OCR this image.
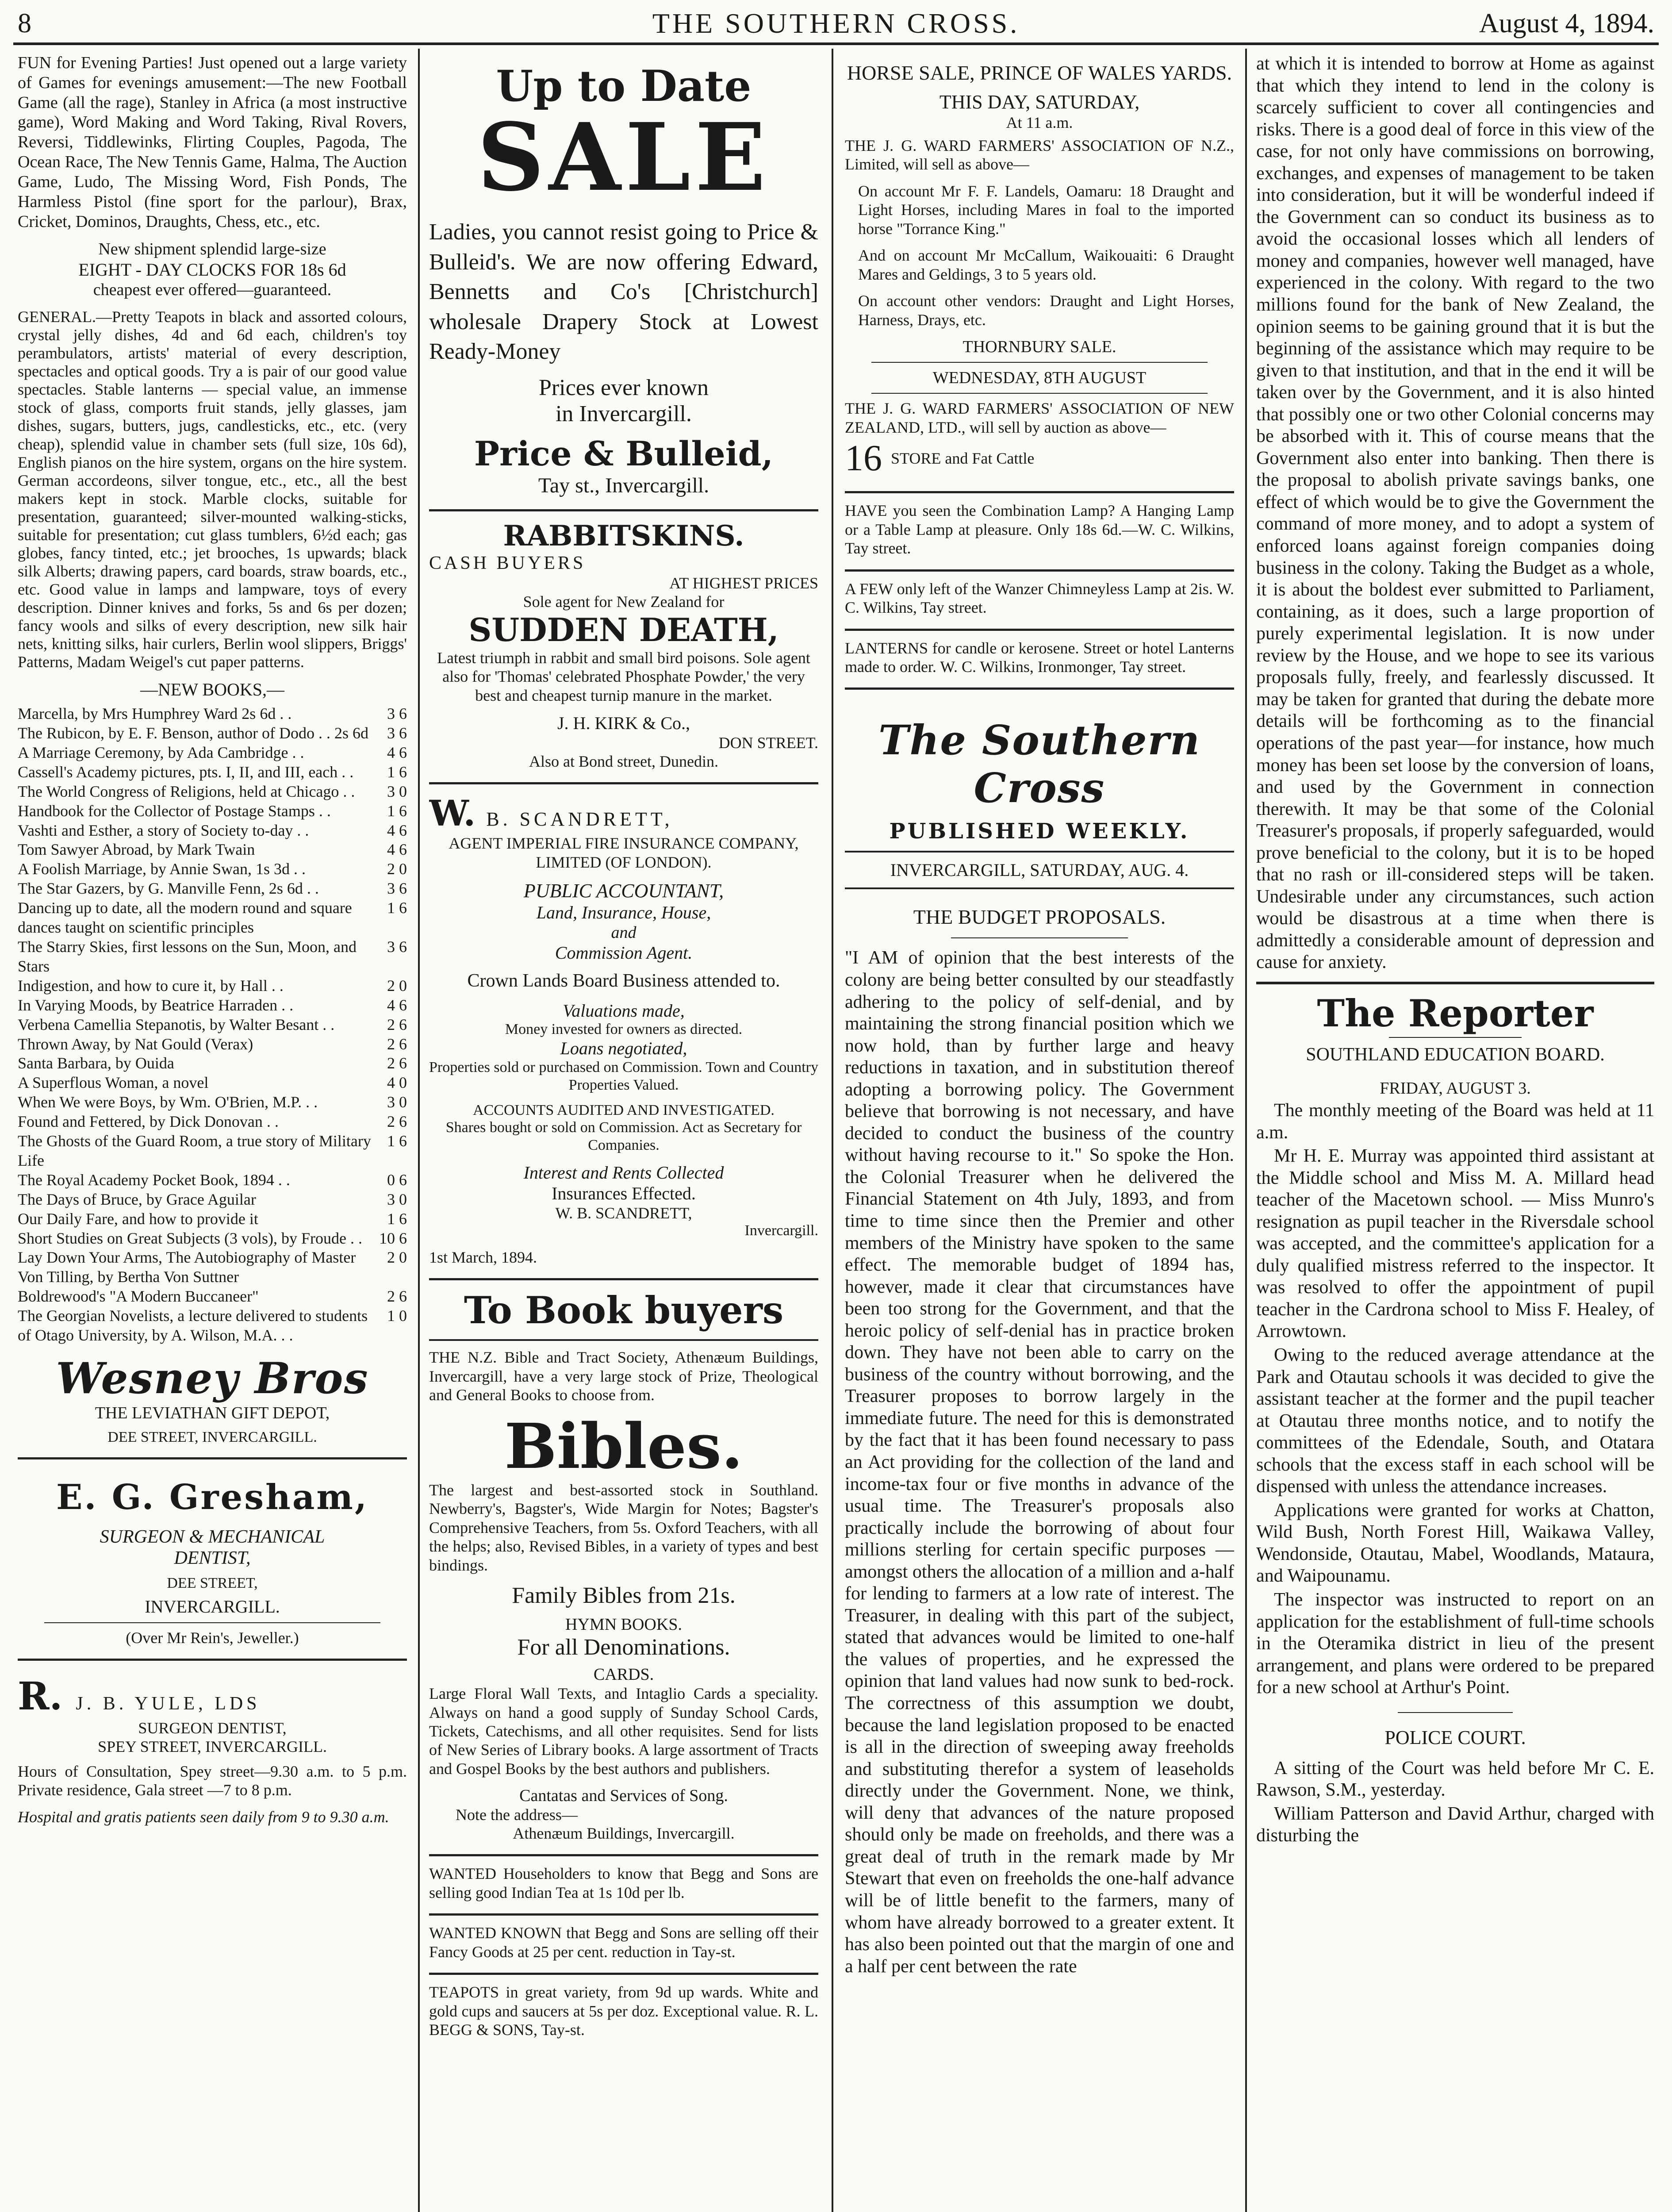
8	THE SOUTHERN CROSS.	August 4, 1894.

FUN for Evening Parties! Just opened out a large variety of Games for evenings amusement:—The new Football Game (all the rage), Stanley in Africa (a most instructive game), Word Making and Word Taking, Rival Rovers, Reversi, Tiddlewinks, Flirting Couples, Pagoda, The Ocean Race, The New Tennis Game, Halma, The Auction Game, Ludo, The Missing Word, Fish Ponds, The Harmless Pistol (fine sport for the parlour), Brax, Cricket, Dominos, Draughts, Chess, etc., etc.

New shipment splendid large-size

EIGHT - DAY CLOCKS FOR 18s 6d

cheapest ever offered—guaranteed.

GENERAL.—Pretty Teapots in black and assorted colours, crystal jelly dishes, 4d and 6d each, children's toy perambulators, artists' material of every description, spectacles and optical goods. Try a is pair of our good value spectacles. Stable lanterns — special value, an immense stock of glass, comports fruit stands, jelly glasses, jam dishes, sugars, butters, jugs, candlesticks, etc., etc. (very cheap), splendid value in chamber sets (full size, 10s 6d), English pianos on the hire system, organs on the hire system. German accordeons, silver tongue, etc., etc., all the best makers kept in stock. Marble clocks, suitable for presentation, guaranteed; silver-mounted walking-sticks, suitable for presentation; cut glass tumblers, 6½d each; gas globes, fancy tinted, etc.; jet brooches, 1s upwards; black silk Alberts; drawing papers, card boards, straw boards, etc., etc. Good value in lamps and lampware, toys of every description. Dinner knives and forks, 5s and 6s per dozen; fancy wools and silks of every description, new silk hair nets, knitting silks, hair curlers, Berlin wool slippers, Briggs' Patterns, Madam Weigel's cut paper patterns.

—NEW BOOKS,—

Marcella, by Mrs Humphrey Ward 2s 6d . .	3 6
The Rubicon, by E. F. Benson, author of Dodo . . 2s 6d	3 6
A Marriage Ceremony, by Ada Cambridge . .	4 6
Cassell's Academy pictures, pts. I, II, and III, each . .	1 6
The World Congress of Religions, held at Chicago . .	3 0
Handbook for the Collector of Postage Stamps . .	1 6
Vashti and Esther, a story of Society to-day . .	4 6
Tom Sawyer Abroad, by Mark Twain	4 6
A Foolish Marriage, by Annie Swan, 1s 3d . .	2 0
The Star Gazers, by G. Manville Fenn, 2s 6d . .	3 6
Dancing up to date, all the modern round and square dances taught on scientific principles
1 6
The Starry Skies, first lessons on the Sun, Moon, and Stars
3 6
Indigestion, and how to cure it, by Hall . .	2 0
In Varying Moods, by Beatrice Harraden . .	4 6
Verbena Camellia Stepanotis, by Walter Besant . .	2 6
Thrown Away, by Nat Gould (Verax)	2 6
Santa Barbara, by Ouida	2 6
A Superflous Woman, a novel	4 0
When We were Boys, by Wm. O'Brien, M.P. . .	3 0
Found and Fettered, by Dick Donovan . .	2 6
The Ghosts of the Guard Room, a true story of Military Life
1 6
The Royal Academy Pocket Book, 1894 . .	0 6
The Days of Bruce, by Grace Aguilar	3 0
Our Daily Fare, and how to provide it	1 6
Short Studies on Great Subjects (3 vols), by Froude . .	10 6
Lay Down Your Arms, The Autobiography of Master Von Tilling, by Bertha Von Suttner
2 0
Boldrewood's "A Modern Buccaneer"	2 6
The Georgian Novelists, a lecture delivered to students of Otago University, by A. Wilson, M.A. . .
1 0
Wesney Bros
THE LEVIATHAN GIFT DEPOT,
DEE STREET, INVERCARGILL.
E. G. Gresham,
SURGEON & MECHANICAL
DENTIST,
DEE STREET,
INVERCARGILL.
(Over Mr Rein's, Jeweller.)
R. J. B. YULE, LDS
SURGEON DENTIST,
SPEY STREET, INVERCARGILL.

Hours of Consultation, Spey street—9.30 a.m. to 5 p.m. Private residence, Gala street —7 to 8 p.m.

Hospital and gratis patients seen daily from 9 to 9.30 a.m.

Up to Date
SALE

Ladies, you cannot resist going to Price & Bulleid's. We are now offering Edward, Bennetts and Co's [Christchurch] wholesale Drapery Stock at Lowest Ready-Money

Prices ever known
in Invercargill.
Price & Bulleid,
Tay st., Invercargill.
RABBITSKINS.
CASH BUYERS
AT HIGHEST PRICES
Sole agent for New Zealand for
SUDDEN DEATH,

Latest triumph in rabbit and small bird poisons. Sole agent also for 'Thomas' celebrated Phosphate Powder,' the very best and cheapest turnip manure in the market.

J. H. KIRK & Co.,
DON STREET.
Also at Bond street, Dunedin.
W. B. SCANDRETT,

AGENT IMPERIAL FIRE INSURANCE COMPANY, LIMITED (OF LONDON).

PUBLIC ACCOUNTANT,
Land, Insurance, House,
and
Commission Agent.

Crown Lands Board Business attended to.

Valuations made,
Money invested for owners as directed.
Loans negotiated,

Properties sold or purchased on Commission. Town and Country Properties Valued.

ACCOUNTS AUDITED AND INVESTIGATED.

Shares bought or sold on Commission. Act as Secretary for Companies.

Interest and Rents Collected
Insurances Effected.
W. B. SCANDRETT,
Invercargill.
1st March, 1894.
To Book buyers

THE N.Z. Bible and Tract Society, Athenæum Buildings, Invercargill, have a very large stock of Prize, Theological and General Books to choose from.

Bibles.

The largest and best-assorted stock in Southland. Newberry's, Bagster's, Wide Margin for Notes; Bagster's Comprehensive Teachers, from 5s. Oxford Teachers, with all the helps; also, Revised Bibles, in a variety of types and best bindings.

Family Bibles from 21s.
HYMN BOOKS.
For all Denominations.
CARDS.

Large Floral Wall Texts, and Intaglio Cards a speciality. Always on hand a good supply of Sunday School Cards, Tickets, Catechisms, and all other requisites. Send for lists of New Series of Library books. A large assortment of Tracts and Gospel Books by the best authors and publishers.

Cantatas and Services of Song.
Note the address—
Athenæum Buildings, Invercargill.

WANTED Householders to know that Begg and Sons are selling good Indian Tea at 1s 10d per lb.

WANTED KNOWN that Begg and Sons are selling off their Fancy Goods at 25 per cent. reduction in Tay-st.

TEAPOTS in great variety, from 9d up wards. White and gold cups and saucers at 5s per doz. Exceptional value. R. L. BEGG & SONS, Tay-st.

HORSE SALE, PRINCE OF WALES YARDS.
THIS DAY, SATURDAY,
At 11 a.m.

THE J. G. WARD FARMERS' ASSOCIATION OF N.Z., Limited, will sell as above—

On account Mr F. F. Landels, Oamaru: 18 Draught and Light Horses, including Mares in foal to the imported horse "Torrance King."

And on account Mr McCallum, Waikouaiti: 6 Draught Mares and Geldings, 3 to 5 years old.

On account other vendors: Draught and Light Horses, Harness, Drays, etc.

THORNBURY SALE.
WEDNESDAY, 8TH AUGUST

THE J. G. WARD FARMERS' ASSOCIATION OF NEW ZEALAND, LTD., will sell by auction as above—

16 STORE and Fat Cattle

HAVE you seen the Combination Lamp? A Hanging Lamp or a Table Lamp at pleasure. Only 18s 6d.—W. C. Wilkins, Tay street.

A FEW only left of the Wanzer Chimneyless Lamp at 2is. W. C. Wilkins, Tay street.

LANTERNS for candle or kerosene. Street or hotel Lanterns made to order. W. C. Wilkins, Ironmonger, Tay street.

The Southern Cross
PUBLISHED WEEKLY.
INVERCARGILL, SATURDAY, AUG. 4.
THE BUDGET PROPOSALS.

"I AM of opinion that the best interests of the colony are being better consulted by our steadfastly adhering to the policy of self-denial, and by maintaining the strong financial position which we now hold, than by further large and heavy reductions in taxation, and in substitution thereof adopting a borrowing policy. The Government believe that borrowing is not necessary, and have decided to conduct the business of the country without having recourse to it." So spoke the Hon. the Colonial Treasurer when he delivered the Financial Statement on 4th July, 1893, and from time to time since then the Premier and other members of the Ministry have spoken to the same effect. The memorable budget of 1894 has, however, made it clear that circumstances have been too strong for the Government, and that the heroic policy of self-denial has in practice broken down. They have not been able to carry on the business of the country without borrowing, and the Treasurer proposes to borrow largely in the immediate future. The need for this is demonstrated by the fact that it has been found necessary to pass an Act providing for the collection of the land and income-tax four or five months in advance of the usual time. The Treasurer's proposals also practically include the borrowing of about four millions sterling for certain specific purposes — amongst others the allocation of a million and a-half for lending to farmers at a low rate of interest. The Treasurer, in dealing with this part of the subject, stated that advances would be limited to one-half the values of properties, and he expressed the opinion that land values had now sunk to bed-rock. The correctness of this assumption we doubt, because the land legislation proposed to be enacted is all in the direction of sweeping away freeholds and substituting therefor a system of leaseholds directly under the Government. None, we think, will deny that advances of the nature proposed should only be made on freeholds, and there was a great deal of truth in the remark made by Mr Stewart that even on freeholds the one-half advance will be of little benefit to the farmers, many of whom have already borrowed to a greater extent. It has also been pointed out that the margin of one and a half per cent between the rate

at which it is intended to borrow at Home as against that which they intend to lend in the colony is scarcely sufficient to cover all contingencies and risks. There is a good deal of force in this view of the case, for not only have commissions on borrowing, exchanges, and expenses of management to be taken into consideration, but it will be wonderful indeed if the Government can so conduct its business as to avoid the occasional losses which all lenders of money and companies, however well managed, have experienced in the colony. With regard to the two millions found for the bank of New Zealand, the opinion seems to be gaining ground that it is but the beginning of the assistance which may require to be given to that institution, and that in the end it will be taken over by the Government, and it is also hinted that possibly one or two other Colonial concerns may be absorbed with it. This of course means that the Government also enter into banking. Then there is the proposal to abolish private savings banks, one effect of which would be to give the Government the command of more money, and to adopt a system of enforced loans against foreign companies doing business in the colony. Taking the Budget as a whole, it is about the boldest ever submitted to Parliament, containing, as it does, such a large proportion of purely experimental legislation. It is now under review by the House, and we hope to see its various proposals fully, freely, and fearlessly discussed. It may be taken for granted that during the debate more details will be forthcoming as to the financial operations of the past year—for instance, how much money has been set loose by the conversion of loans, and used by the Government in connection therewith. It may be that some of the Colonial Treasurer's proposals, if properly safeguarded, would prove beneficial to the colony, but it is to be hoped that no rash or ill-considered steps will be taken. Undesirable under any circumstances, such action would be disastrous at a time when there is admittedly a considerable amount of depression and cause for anxiety.

The Reporter
SOUTHLAND EDUCATION BOARD.
FRIDAY, AUGUST 3.

The monthly meeting of the Board was held at 11 a.m.

Mr H. E. Murray was appointed third assistant at the Middle school and Miss M. A. Millard head teacher of the Macetown school. — Miss Munro's resignation as pupil teacher in the Riversdale school was accepted, and the committee's application for a duly qualified mistress referred to the inspector. It was resolved to offer the appointment of pupil teacher in the Cardrona school to Miss F. Healey, of Arrowtown.

Owing to the reduced average attendance at the Park and Otautau schools it was decided to give the assistant teacher at the former and the pupil teacher at Otautau three months notice, and to notify the committees of the Edendale, South, and Otatara schools that the excess staff in each school will be dispensed with unless the attendance increases.

Applications were granted for works at Chatton, Wild Bush, North Forest Hill, Waikawa Valley, Wendonside, Otautau, Mabel, Woodlands, Mataura, and Waipounamu.

The inspector was instructed to report on an application for the establishment of full-time schools in the Oteramika district in lieu of the present arrangement, and plans were ordered to be prepared for a new school at Arthur's Point.

POLICE COURT.

A sitting of the Court was held before Mr C. E. Rawson, S.M., yesterday.

William Patterson and David Arthur, charged with disturbing the
